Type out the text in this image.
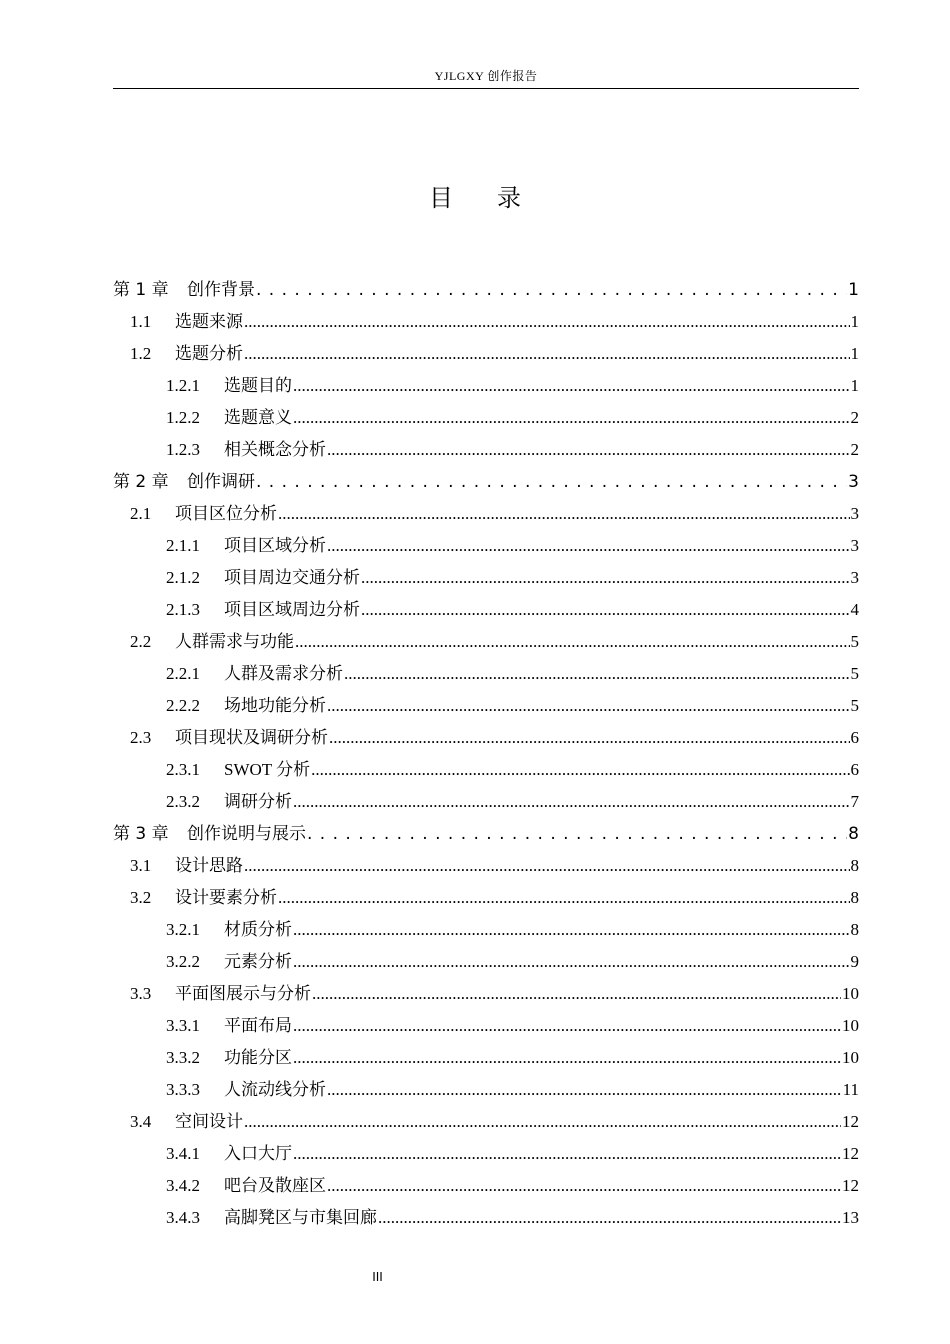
YJLGXY 创作报告
目录
第 1 章	创作背景 . . .	1
1.1	选题来源 .....	1
1.2	选题分析 .....	1
1.2.1	选题目的 .....	1
1.2.2	选题意义 .....	2
1.2.3	相关概念分析 .....	2
第 2 章	创作调研 . . .	3
2.1	项目区位分析 .....	3
2.1.1	项目区域分析 .....	3
2.1.2	项目周边交通分析 .....	3
2.1.3	项目区域周边分析 .....	4
2.2	人群需求与功能 .....	5
2.2.1	人群及需求分析 .....	5
2.2.2	场地功能分析 .....	5
2.3	项目现状及调研分析 .....	6
2.3.1	SWOT 分析 .....	6
2.3.2	调研分析 .....	7
第 3 章	创作说明与展示 . . .	8
3.1	设计思路 .....	8
3.2	设计要素分析 .....	8
3.2.1	材质分析 .....	8
3.2.2	元素分析 .....	9
3.3	平面图展示与分析 .....	10
3.3.1	平面布局 .....	10
3.3.2	功能分区 .....	10
3.3.3	人流动线分析 .....	11
3.4	空间设计 .....	12
3.4.1	入口大厅 .....	12
3.4.2	吧台及散座区 .....	12
3.4.3	高脚凳区与市集回廊 .....	13
III
